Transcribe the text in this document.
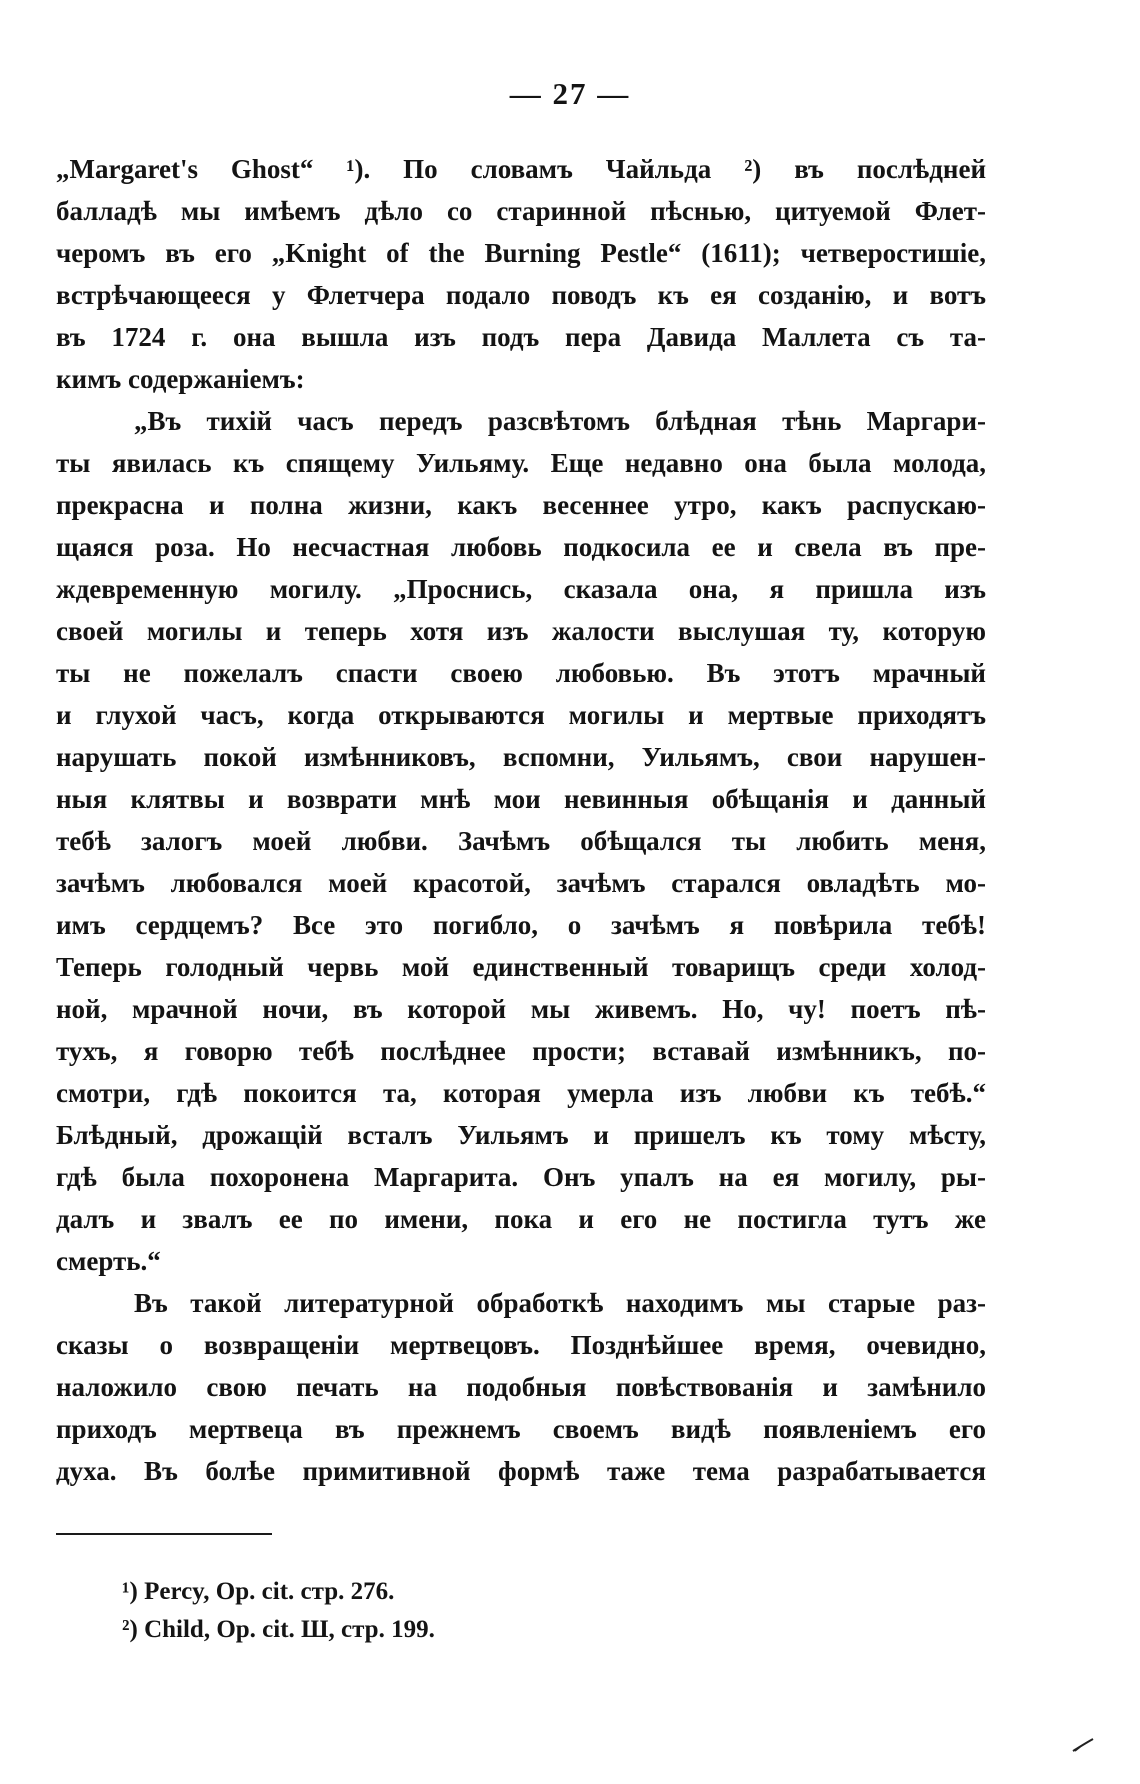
— 27 —
„Margaret's Ghost“ ¹). По словамъ Чайльда ²) въ послѣдней
балладѣ мы имѣемъ дѣло со старинной пѣснью, цитуемой Флет-
черомъ въ его „Knight of the Burning Pestle“ (1611); четверостишіе,
встрѣчающееся у Флетчера подало поводъ къ ея созданію, и вотъ
въ 1724 г. она вышла изъ подъ пера Давида Маллета съ та-
кимъ содержаніемъ:
„Въ тихій часъ передъ разсвѣтомъ блѣдная тѣнь Маргари-
ты явилась къ спящему Уильяму. Еще недавно она была молода,
прекрасна и полна жизни, какъ весеннее утро, какъ распускаю-
щаяся роза. Но несчастная любовь подкосила ее и свела въ пре-
ждевременную могилу. „Проснись, сказала она, я пришла изъ
своей могилы и теперь хотя изъ жалости выслушая ту, которую
ты не пожелалъ спасти своею любовью. Въ этотъ мрачный
и глухой часъ, когда открываются могилы и мертвые приходятъ
нарушать покой измѣнниковъ, вспомни, Уильямъ, свои нарушен-
ныя клятвы и возврати мнѣ мои невинныя обѣщанія и данный
тебѣ залогъ моей любви. Зачѣмъ обѣщался ты любить меня,
зачѣмъ любовался моей красотой, зачѣмъ старался овладѣть мо-
имъ сердцемъ? Все это погибло, о зачѣмъ я повѣрила тебѣ!
Теперь голодный червь мой единственный товарищъ среди холод-
ной, мрачной ночи, въ которой мы живемъ. Но, чу! поетъ пѣ-
тухъ, я говорю тебѣ послѣднее прости; вставай измѣнникъ, по-
смотри, гдѣ покоится та, которая умерла изъ любви къ тебѣ.“
Блѣдный, дрожащій всталъ Уильямъ и пришелъ къ тому мѣсту,
гдѣ была похоронена Маргарита. Онъ упалъ на ея могилу, ры-
далъ и звалъ ее по имени, пока и его не постигла тутъ же
смерть.“
Въ такой литературной обработкѣ находимъ мы старые раз-
сказы о возвращеніи мертвецовъ. Позднѣйшее время, очевидно,
наложило свою печать на подобныя повѣствованія и замѣнило
приходъ мертвеца въ прежнемъ своемъ видѣ появленіемъ его
духа. Въ болѣе примитивной формѣ таже тема разрабатывается
¹) Percy, Op. cit. стр. 276.
²) Child, Op. cit. Ш, стр. 199.
